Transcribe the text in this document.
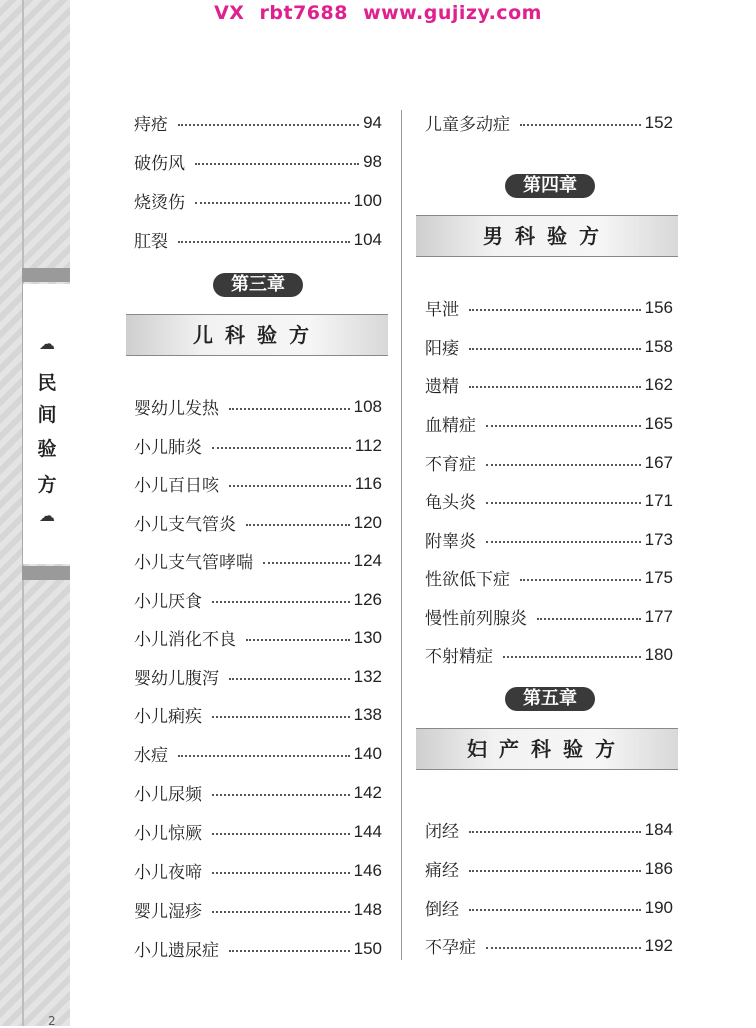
☁
民
间
验
方
☁
2
VX rbt7688 www.gujizy.com
痔疮	94
破伤风	98
烧烫伤	100
肛裂	104
第三章
儿科验方
婴幼儿发热	108
小儿肺炎	112
小儿百日咳	116
小儿支气管炎	120
小儿支气管哮喘	124
小儿厌食	126
小儿消化不良	130
婴幼儿腹泻	132
小儿痢疾	138
水痘	140
小儿尿频	142
小儿惊厥	144
小儿夜啼	146
婴儿湿疹	148
小儿遗尿症	150
儿童多动症	152
第四章
男科验方
早泄	156
阳痿	158
遗精	162
血精症	165
不育症	167
龟头炎	171
附睾炎	173
性欲低下症	175
慢性前列腺炎	177
不射精症	180
第五章
妇产科验方
闭经	184
痛经	186
倒经	190
不孕症	192
